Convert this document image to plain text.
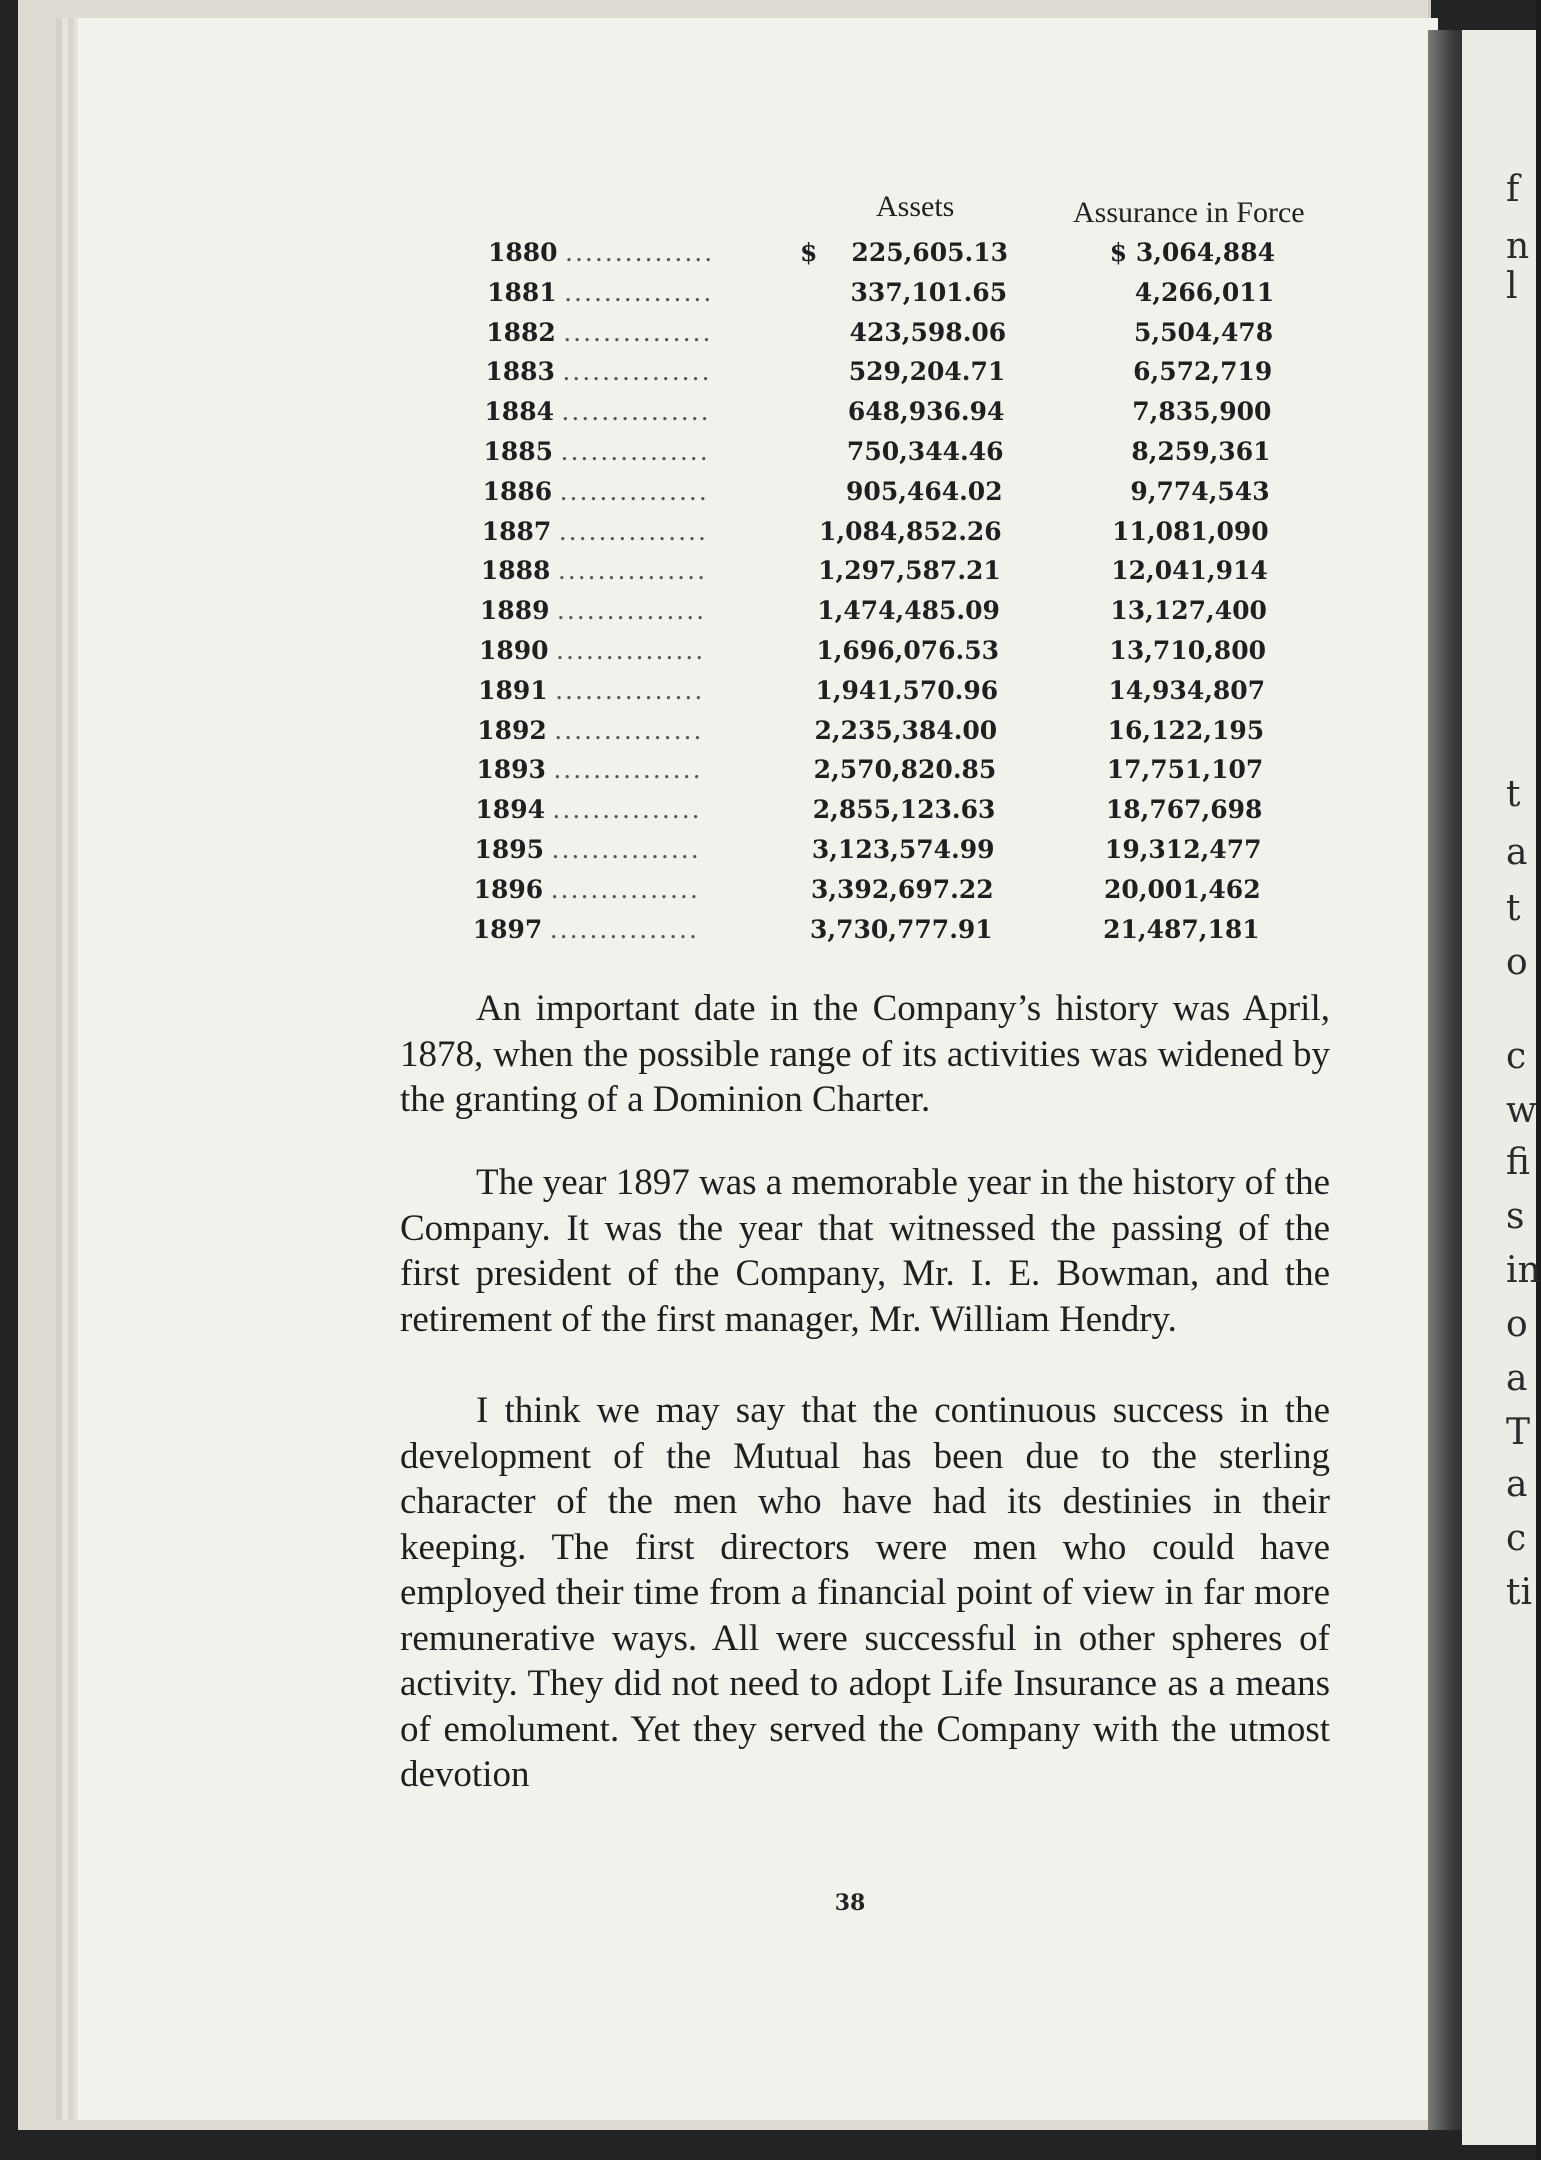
f
n
l
t
a
t
o
c
w
fi
s
in
o
a
T
a
c
ti
Assets	Assurance in Force
1880 ...............	$ 225,605.13	$ 3,064,884
1881 ...............	337,101.65	4,266,011
1882 ...............	423,598.06	5,504,478
1883 ...............	529,204.71	6,572,719
1884 ...............	648,936.94	7,835,900
1885 ...............	750,344.46	8,259,361
1886 ...............	905,464.02	9,774,543
1887 ...............	1,084,852.26	11,081,090
1888 ...............	1,297,587.21	12,041,914
1889 ...............	1,474,485.09	13,127,400
1890 ...............	1,696,076.53	13,710,800
1891 ...............	1,941,570.96	14,934,807
1892 ...............	2,235,384.00	16,122,195
1893 ...............	2,570,820.85	17,751,107
1894 ...............	2,855,123.63	18,767,698
1895 ...............	3,123,574.99	19,312,477
1896 ...............	3,392,697.22	20,001,462
1897 ...............	3,730,777.91	21,487,181

An important date in the Company’s history was April, 1878, when the possible range of its activities was widened by the granting of a Dominion Charter.

The year 1897 was a memorable year in the history of the Company. It was the year that witnessed the passing of the first president of the Company, Mr. I. E. Bowman, and the retirement of the first manager, Mr. William Hendry.

I think we may say that the continuous success in the development of the Mutual has been due to the sterling character of the men who have had its destinies in their keeping. The first directors were men who could have employed their time from a financial point of view in far more remunerative ways. All were successful in other spheres of activity. They did not need to adopt Life Insurance as a means of emolument. Yet they served the Company with the utmost devotion

38
